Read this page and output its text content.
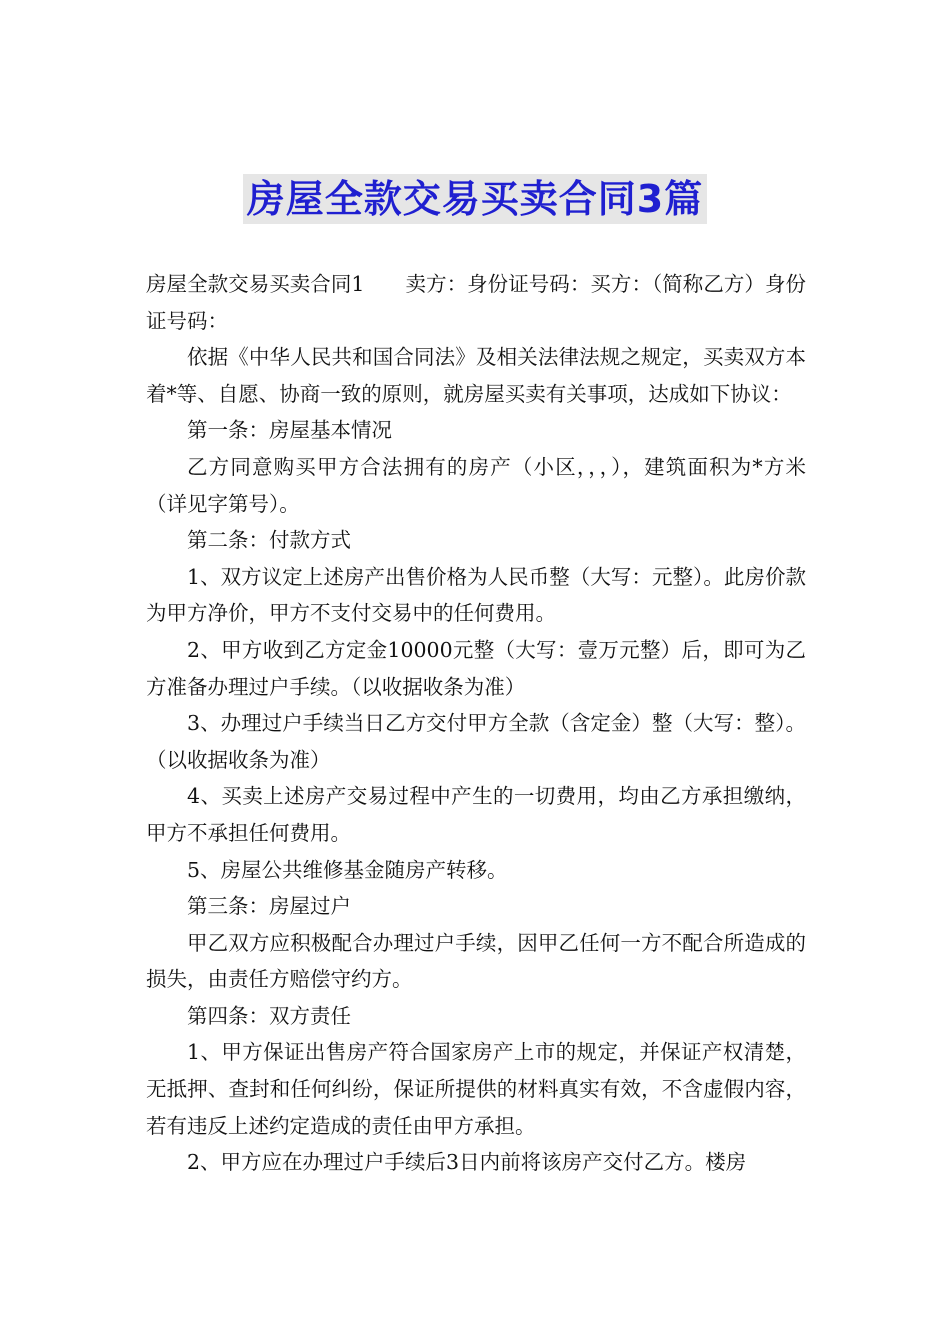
房屋全款交易买卖合同3篇

房屋全款交易买卖合同1　　卖方：身份证号码：买方：（简称乙方）身份证号码：

依据《中华人民共和国合同法》及相关法律法规之规定，买卖双方本着*等、自愿、协商一致的原则，就房屋买卖有关事项，达成如下协议：

第一条：房屋基本情况

乙方同意购买甲方合法拥有的房产（小区，，，），建筑面积为*方米（详见字第号）。

第二条：付款方式

1、双方议定上述房产出售价格为人民币整（大写：元整）。此房价款为甲方净价，甲方不支付交易中的任何费用。

2、甲方收到乙方定金10000元整（大写：壹万元整）后，即可为乙方准备办理过户手续。（以收据收条为准）

3、办理过户手续当日乙方交付甲方全款（含定金）整（大写：整）。（以收据收条为准）

4、买卖上述房产交易过程中产生的一切费用，均由乙方承担缴纳，甲方不承担任何费用。

5、房屋公共维修基金随房产转移。

第三条：房屋过户

甲乙双方应积极配合办理过户手续，因甲乙任何一方不配合所造成的损失，由责任方赔偿守约方。

第四条：双方责任

1、甲方保证出售房产符合国家房产上市的规定，并保证产权清楚，无抵押、查封和任何纠纷，保证所提供的材料真实有效，不含虚假内容，若有违反上述约定造成的责任由甲方承担。

2、甲方应在办理过户手续后3日内前将该房产交付乙方。楼房
